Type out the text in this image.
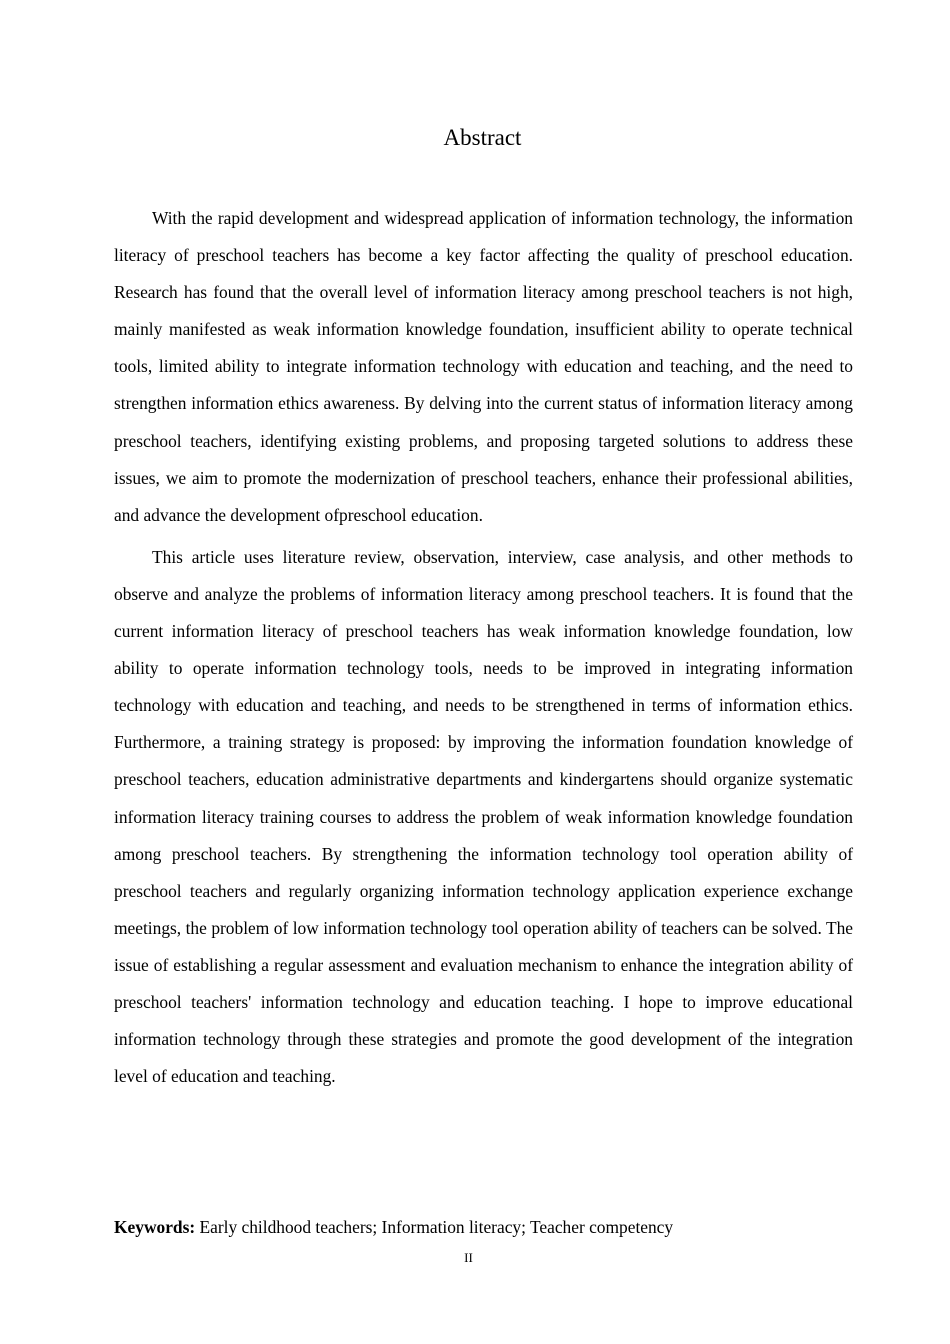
Abstract

With the rapid development and widespread application of information technology, the information literacy of preschool teachers has become a key factor affecting the quality of preschool education. Research has found that the overall level of information literacy among preschool teachers is not high, mainly manifested as weak information knowledge foundation, insufficient ability to operate technical tools, limited ability to integrate information technology with education and teaching, and the need to strengthen information ethics awareness. By delving into the current status of information literacy among preschool teachers, identifying existing problems, and proposing targeted solutions to address these issues, we aim to promote the modernization of preschool teachers, enhance their professional abilities, and advance the development ofpreschool education.

This article uses literature review, observation, interview, case analysis, and other methods to observe and analyze the problems of information literacy among preschool teachers. It is found that the current information literacy of preschool teachers has weak information knowledge foundation, low ability to operate information technology tools, needs to be improved in integrating information technology with education and teaching, and needs to be strengthened in terms of information ethics. Furthermore, a training strategy is proposed: by improving the information foundation knowledge of preschool teachers, education administrative departments and kindergartens should organize systematic information literacy training courses to address the problem of weak information knowledge foundation among preschool teachers. By strengthening the information technology tool operation ability of preschool teachers and regularly organizing information technology application experience exchange meetings, the problem of low information technology tool operation ability of teachers can be solved. The issue of establishing a regular assessment and evaluation mechanism to enhance the integration ability of preschool teachers' information technology and education teaching. I hope to improve educational information technology through these strategies and promote the good development of the integration level of education and teaching.

Keywords: Early childhood teachers; Information literacy; Teacher competency

II
